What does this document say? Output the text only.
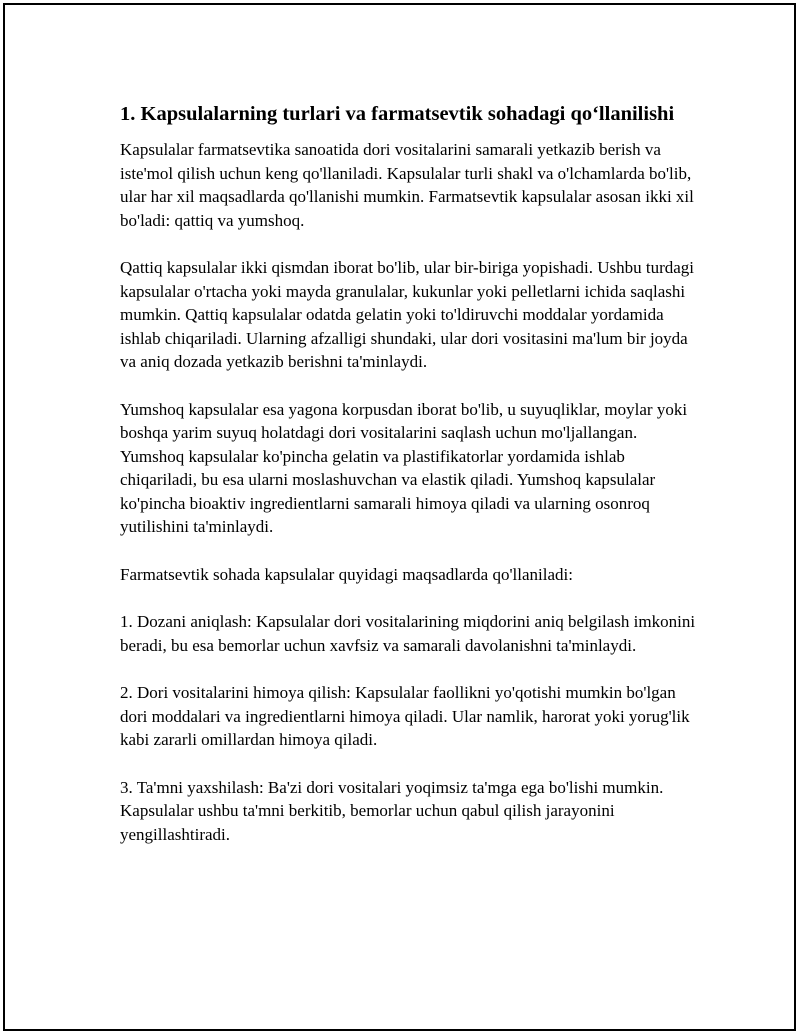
1. Kapsulalarning turlari va farmatsevtik sohadagi qo‘llanilishi

Kapsulalar farmatsevtika sanoatida dori vositalarini samarali yetkazib berish va iste'mol qilish uchun keng qo'llaniladi. Kapsulalar turli shakl va o'lchamlarda bo'lib, ular har xil maqsadlarda qo'llanishi mumkin. Farmatsevtik kapsulalar asosan ikki xil bo'ladi: qattiq va yumshoq.

Qattiq kapsulalar ikki qismdan iborat bo'lib, ular bir-biriga yopishadi. Ushbu turdagi kapsulalar o'rtacha yoki mayda granulalar, kukunlar yoki pelletlarni ichida saqlashi mumkin. Qattiq kapsulalar odatda gelatin yoki to'ldiruvchi moddalar yordamida ishlab chiqariladi. Ularning afzalligi shundaki, ular dori vositasini ma'lum bir joyda va aniq dozada yetkazib berishni ta'minlaydi.

Yumshoq kapsulalar esa yagona korpusdan iborat bo'lib, u suyuqliklar, moylar yoki boshqa yarim suyuq holatdagi dori vositalarini saqlash uchun mo'ljallangan. Yumshoq kapsulalar ko'pincha gelatin va plastifikatorlar yordamida ishlab chiqariladi, bu esa ularni moslashuvchan va elastik qiladi. Yumshoq kapsulalar ko'pincha bioaktiv ingredientlarni samarali himoya qiladi va ularning osonroq yutilishini ta'minlaydi.

Farmatsevtik sohada kapsulalar quyidagi maqsadlarda qo'llaniladi:

1. Dozani aniqlash: Kapsulalar dori vositalarining miqdorini aniq belgilash imkonini beradi, bu esa bemorlar uchun xavfsiz va samarali davolanishni ta'minlaydi.

2. Dori vositalarini himoya qilish: Kapsulalar faollikni yo'qotishi mumkin bo'lgan dori moddalari va ingredientlarni himoya qiladi. Ular namlik, harorat yoki yorug'lik kabi zararli omillardan himoya qiladi.

3. Ta'mni yaxshilash: Ba'zi dori vositalari yoqimsiz ta'mga ega bo'lishi mumkin. Kapsulalar ushbu ta'mni berkitib, bemorlar uchun qabul qilish jarayonini yengillashtiradi.
